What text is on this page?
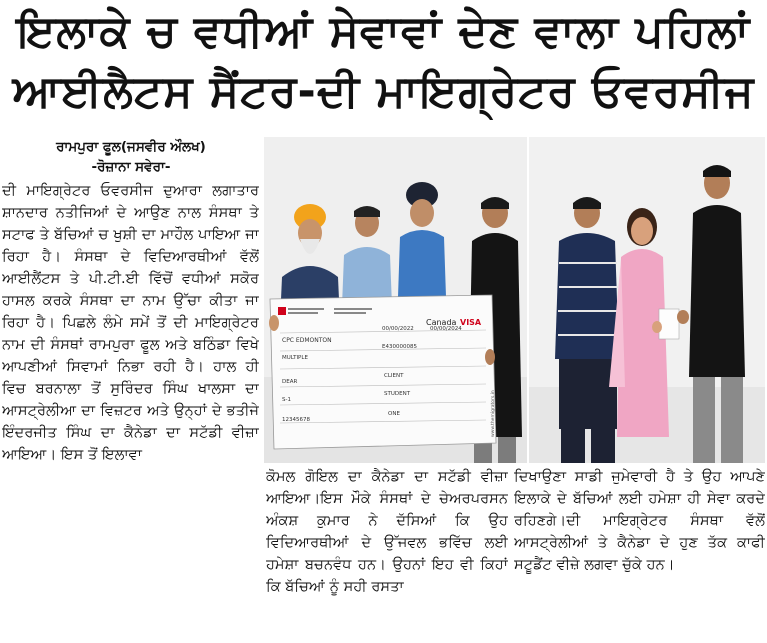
ਇਲਾਕੇ ਚ ਵਧੀਆਂ ਸੇਵਾਵਾਂ ਦੇਣ ਵਾਲਾ ਪਹਿਲਾਂ
ਆਈਲੈਟਸ ਸੈਂਟਰ-ਦੀ ਮਾਇਗ੍ਰੇਟਰ ਓਵਰਸੀਜ
ਰਾਮਪੁਰਾ ਫੂਲ(ਜਸਵੀਰ ਔਲਖ)
-ਰੋਜ਼ਾਨਾ ਸਵੇਰਾ-

ਦੀ ਮਾਇਗ੍ਰੇਟਰ ਓਵਰਸੀਜ ਦੁਆਰਾ ਲਗਾਤਾਰ ਸ਼ਾਨਦਾਰ ਨਤੀਜਿਆਂ ਦੇ ਆਉਣ ਨਾਲ ਸੰਸਥਾ ਤੇ ਸਟਾਫ ਤੇ ਬੱਚਿਆਂ ਚ ਖੁਸ਼ੀ ਦਾ ਮਾਹੌਲ ਪਾਇਆ ਜਾ ਰਿਹਾ ਹੈ। ਸੰਸਥਾ ਦੇ ਵਿਦਿਆਰਥੀਆਂ ਵੱਲੋਂ ਆਈਲੈਂਟਸ ਤੇ ਪੀ.ਟੀ.ਈ ਵਿੱਚੋਂ ਵਧੀਆਂ ਸਕੋਰ ਹਾਸਲ ਕਰਕੇ ਸੰਸਥਾ ਦਾ ਨਾਮ ਉੱਚਾ ਕੀਤਾ ਜਾ ਰਿਹਾ ਹੈ। ਪਿਛਲੇ ਲੰਮੇ ਸਮੇਂ ਤੋਂ ਦੀ ਮਾਇਗ੍ਰੇਟਰ ਨਾਮ ਦੀ ਸੰਸਥਾਂ ਰਾਮਪੁਰਾ ਫੂਲ ਅਤੇ ਬਠਿੰਡਾ ਵਿਖੇ ਆਪਣੀਆਂ ਸਿਵਾਮਾਂ ਨਿਭਾ ਰਹੀ ਹੈ। ਹਾਲ ਹੀ ਵਿਚ ਬਰਨਾਲਾ ਤੋਂ ਸੁਰਿੰਦਰ ਸਿੰਘ ਖਾਲਸਾ ਦਾ ਆਸਟ੍ਰੇਲੀਆ ਦਾ ਵਿਜ਼ਟਰ ਅਤੇ ਉਨ੍ਹਾਂ ਦੇ ਭਤੀਜੇ ਇੰਦਰਜੀਤ ਸਿੰਘ ਦਾ ਕੈਨੇਡਾ ਦਾ ਸਟੱਡੀ ਵੀਜ਼ਾ ਆਇਆ। ਇਸ ਤੋਂ ਇਲਾਵਾ

Canada VISA
CPC EDMONTON
00/00/2022	00/00/2024
MULTIPLE
E430000085
DEAR
CLIENT
S-1
STUDENT
12345678
ONE	www.themigrators.in

ਕੋਮਲ ਗੋਇਲ ਦਾ ਕੈਨੇਡਾ ਦਾ ਸਟੱਡੀ ਵੀਜ਼ਾ ਆਇਆ।ਇਸ ਮੌਕੇ ਸੰਸਥਾਂ ਦੇ ਚੇਅਰਪਰਸਨ ਅੰਕਸ਼ ਕੁਮਾਰ ਨੇ ਦੱਸਿਆਂ ਕਿ ਉਹ ਵਿਦਿਆਰਥੀਆਂ ਦੇ ਉੱਜਵਲ ਭਵਿੱਚ ਲਈ ਹਮੇਸ਼ਾ ਬਚਨਵੰਧ ਹਨ। ਉਹਨਾਂ ਇਹ ਵੀ ਕਿਹਾਂ ਕਿ ਬੱਚਿਆਂ ਨੂੰ ਸਹੀ ਰਸਤਾ

ਦਿਖਾਉਣਾ ਸਾਡੀ ਜੁਮੇਵਾਰੀ ਹੈ ਤੇ ਉਹ ਆਪਣੇ ਇਲਾਕੇ ਦੇ ਬੱਚਿਆਂ ਲਈ ਹਮੇਸ਼ਾ ਹੀ ਸੇਵਾ ਕਰਦੇ ਰਹਿਣਗੇ।ਦੀ ਮਾਇਗ੍ਰੇਟਰ ਸੰਸਥਾ ਵੱਲੋਂ ਆਸਟ੍ਰੇਲੀਆਂ ਤੇ ਕੈਨੇਡਾ ਦੇ ਹੁਣ ਤੱਕ ਕਾਫੀ ਸਟੂਡੈਂਟ ਵੀਜ਼ੇ ਲਗਵਾ ਚੁੱਕੇ ਹਨ।
